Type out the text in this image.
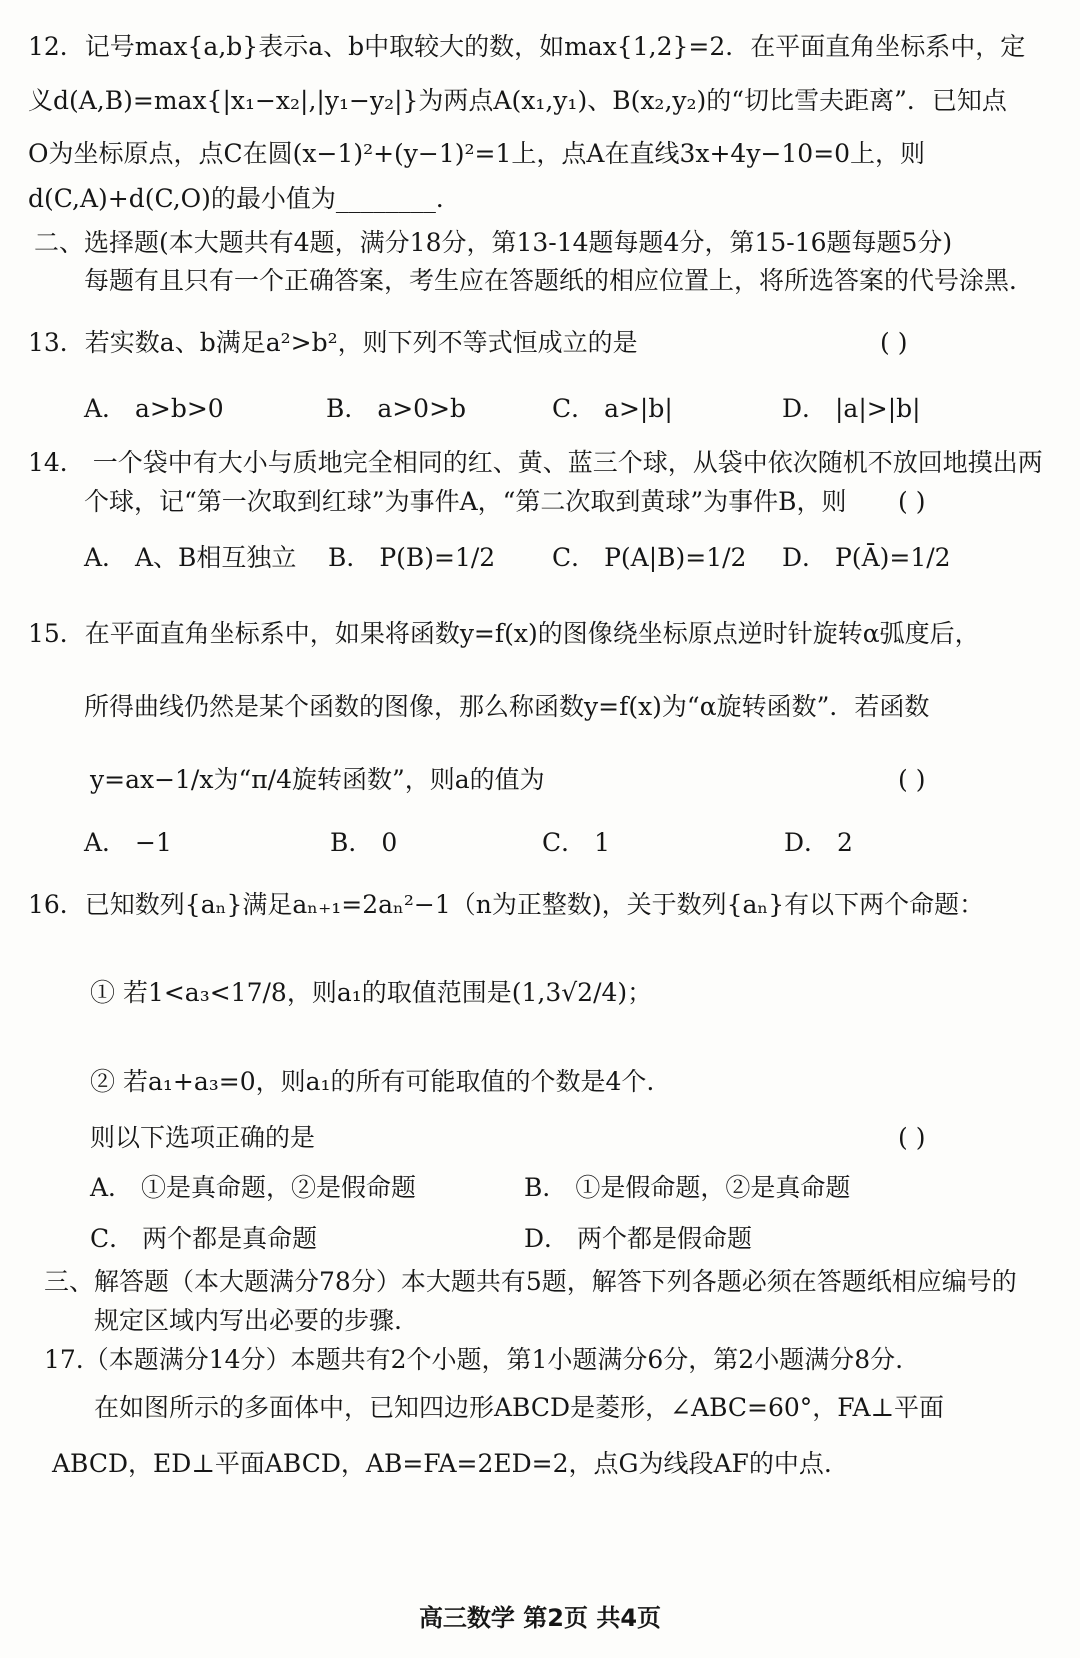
12．记号max{a,b}表示a、b中取较大的数，如max{1,2}=2．在平面直角坐标系中，定
义d(A,B)=max{|x₁−x₂|,|y₁−y₂|}为两点A(x₁,y₁)、B(x₂,y₂)的“切比雪夫距离”．已知点
O为坐标原点，点C在圆(x−1)²+(y−1)²=1上，点A在直线3x+4y−10=0上，则
d(C,A)+d(C,O)的最小值为________．
二、选择题(本大题共有4题，满分18分，第13-14题每题4分，第15-16题每题5分)
每题有且只有一个正确答案，考生应在答题纸的相应位置上，将所选答案的代号涂黑．
13．若实数a、b满足a²>b²，则下列不等式恒成立的是	( )
A． a>b>0	B． a>0>b	C． a>|b|	D． |a|>|b|
14． 一个袋中有大小与质地完全相同的红、黄、蓝三个球，从袋中依次随机不放回地摸出两
个球，记“第一次取到红球”为事件A，“第二次取到黄球”为事件B，则	( )
A． A、B相互独立 B． P(B)=1/2 C． P(A|B)=1/2 D． P(Ā)=1/2
15．在平面直角坐标系中，如果将函数y=f(x)的图像绕坐标原点逆时针旋转α弧度后，
所得曲线仍然是某个函数的图像，那么称函数y=f(x)为“α旋转函数”．若函数
y=ax−1/x为“π/4旋转函数”，则a的值为	( )
A． −1	B． 0	C． 1	D． 2
16．已知数列{aₙ}满足aₙ₊₁=2aₙ²−1（n为正整数)，关于数列{aₙ}有以下两个命题：
① 若1<a₃<17/8，则a₁的取值范围是(1,3√2/4)；
② 若a₁+a₃=0，则a₁的所有可能取值的个数是4个.
则以下选项正确的是	( )
A． ①是真命题，②是假命题	B． ①是假命题，②是真命题
C． 两个都是真命题	D． 两个都是假命题
三、解答题（本大题满分78分）本大题共有5题，解答下列各题必须在答题纸相应编号的
规定区域内写出必要的步骤.
17.（本题满分14分）本题共有2个小题，第1小题满分6分，第2小题满分8分.
在如图所示的多面体中，已知四边形ABCD是菱形，∠ABC=60°，FA⊥平面
ABCD，ED⊥平面ABCD，AB=FA=2ED=2，点G为线段AF的中点.
高三数学 第2页 共4页
